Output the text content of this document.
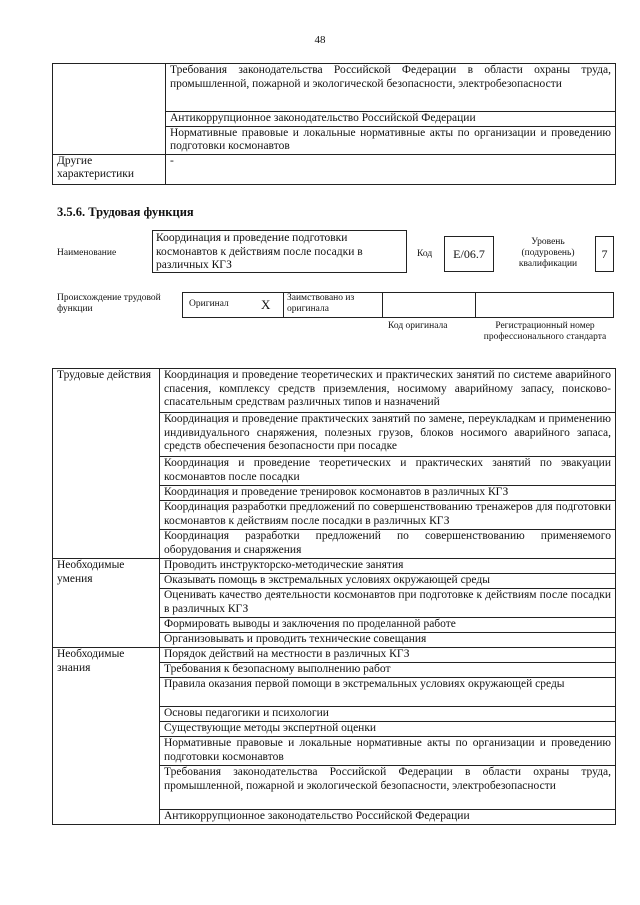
48
	Требования законодательства Российской Федерации в области охраны труда, промышленной, пожарной и экологической безопасности, электробезопасности
	Антикоррупционное законодательство Российской Федерации
	Нормативные правовые и локальные нормативные акты по организации и проведению подготовки космонавтов
Другие характеристики	-
3.5.6. Трудовая функция
Наименование
Координация и проведение подготовки космонавтов к действиям после посадки в различных КГЗ
Код	E/06.7
Уровень (подуровень) квалификации
7
Происхождение трудовой функции	Оригинал X Заимствовано из оригинала
Код оригинала	Регистрационный номер профессионального стандарта
Трудовые действия	Координация и проведение теоретических и практических занятий по системе аварийного спасения, комплексу средств приземления, носимому аварийному запасу, поисково-спасательным средствам различных типов и назначений
	Координация и проведение практических занятий по замене, переукладкам и применению индивидуального снаряжения, полезных грузов, блоков носимого аварийного запаса, средств обеспечения безопасности при посадке
	Координация и проведение теоретических и практических занятий по эвакуации космонавтов после посадки
	Координация и проведение тренировок космонавтов в различных КГЗ
	Координация разработки предложений по совершенствованию тренажеров для подготовки космонавтов к действиям после посадки в различных КГЗ
	Координация разработки предложений по совершенствованию применяемого оборудования и снаряжения
Необходимые умения	Проводить инструкторско-методические занятия
	Оказывать помощь в экстремальных условиях окружающей среды
	Оценивать качество деятельности космонавтов при подготовке к действиям после посадки в различных КГЗ
	Формировать выводы и заключения по проделанной работе
	Организовывать и проводить технические совещания
Необходимые знания	Порядок действий на местности в различных КГЗ
	Требования к безопасному выполнению работ
	Правила оказания первой помощи в экстремальных условиях окружающей среды
	Основы педагогики и психологии
	Существующие методы экспертной оценки
	Нормативные правовые и локальные нормативные акты по организации и проведению подготовки космонавтов
	Требования законодательства Российской Федерации в области охраны труда, промышленной, пожарной и экологической безопасности, электробезопасности
	Антикоррупционное законодательство Российской Федерации
